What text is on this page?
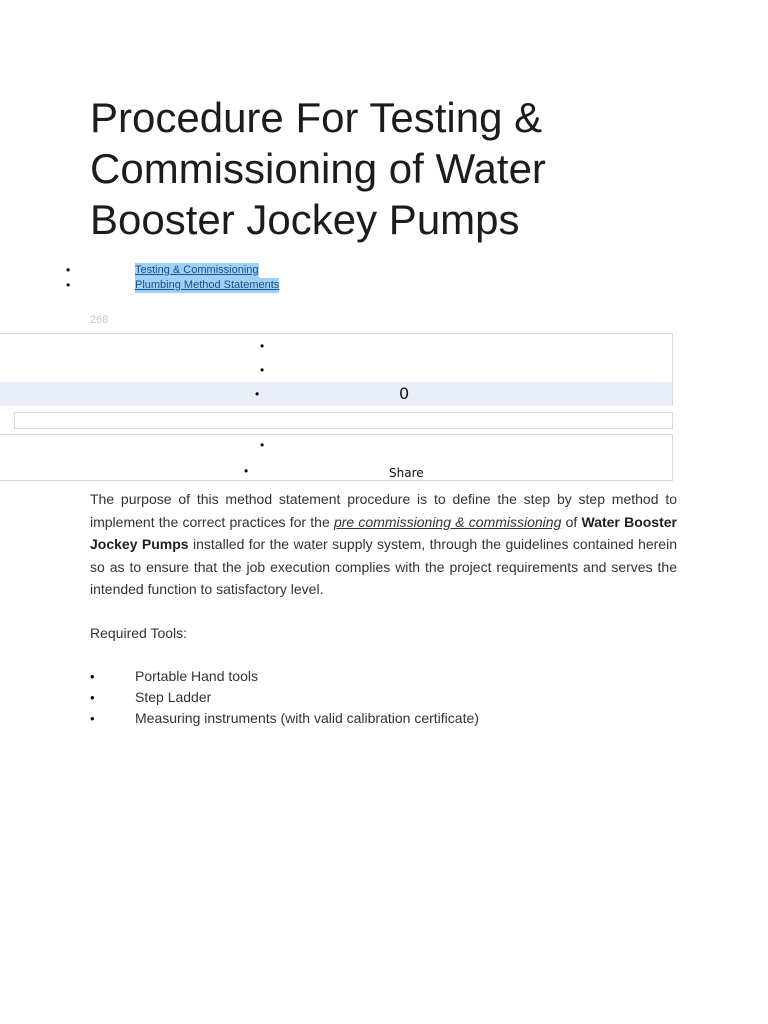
Procedure For Testing & Commissioning of Water Booster Jockey Pumps
•	Testing & Commissioning
•	Plumbing Method Statements
268
•
•
•	0
•
•	Share

The purpose of this method statement procedure is to define the step by step method to implement the correct practices for the pre commissioning & commissioning of Water Booster Jockey Pumps installed for the water supply system, through the guidelines contained herein so as to ensure that the job execution complies with the project requirements and serves the intended function to satisfactory level.

Required Tools:

•	Portable Hand tools
•	Step Ladder
•	Measuring instruments (with valid calibration certificate)
